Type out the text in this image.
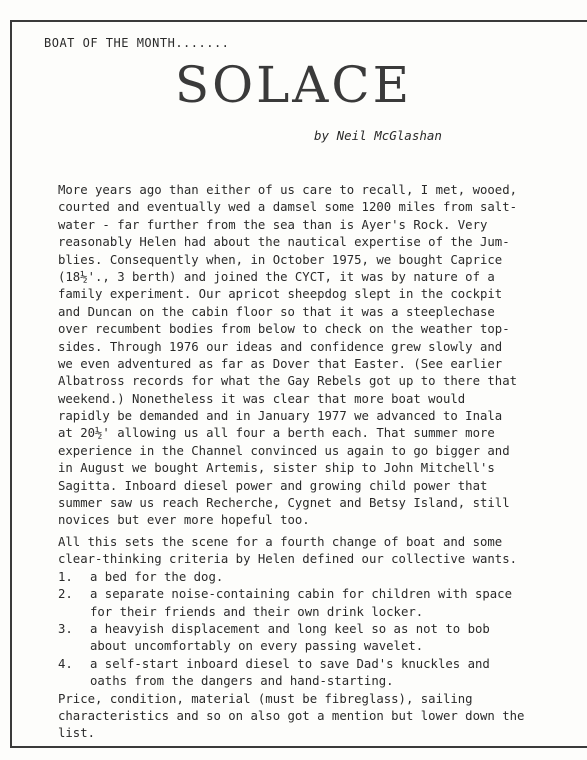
BOAT OF THE MONTH.......
SOLACE
by Neil McGlashan
More years ago than either of us care to recall, I met, wooed,
courted and eventually wed a damsel some 1200 miles from salt-
water - far further from the sea than is Ayer's Rock. Very
reasonably Helen had about the nautical expertise of the Jum-
blies. Consequently when, in October 1975, we bought Caprice
(18½'., 3 berth) and joined the CYCT, it was by nature of a
family experiment. Our apricot sheepdog slept in the cockpit
and Duncan on the cabin floor so that it was a steeplechase
over recumbent bodies from below to check on the weather top-
sides. Through 1976 our ideas and confidence grew slowly and
we even adventured as far as Dover that Easter. (See earlier
Albatross records for what the Gay Rebels got up to there that
weekend.) Nonetheless it was clear that more boat would
rapidly be demanded and in January 1977 we advanced to Inala
at 20½' allowing us all four a berth each. That summer more
experience in the Channel convinced us again to go bigger and
in August we bought Artemis, sister ship to John Mitchell's
Sagitta. Inboard diesel power and growing child power that
summer saw us reach Recherche, Cygnet and Betsy Island, still
novices but ever more hopeful too.
All this sets the scene for a fourth change of boat and some
clear-thinking criteria by Helen defined our collective wants.
1. a bed for the dog.
2. a separate noise-containing cabin for children with space
for their friends and their own drink locker.
3. a heavyish displacement and long keel so as not to bob
about uncomfortably on every passing wavelet.
4. a self-start inboard diesel to save Dad's knuckles and
oaths from the dangers and hand-starting.
Price, condition, material (must be fibreglass), sailing
characteristics and so on also got a mention but lower down the
list.
